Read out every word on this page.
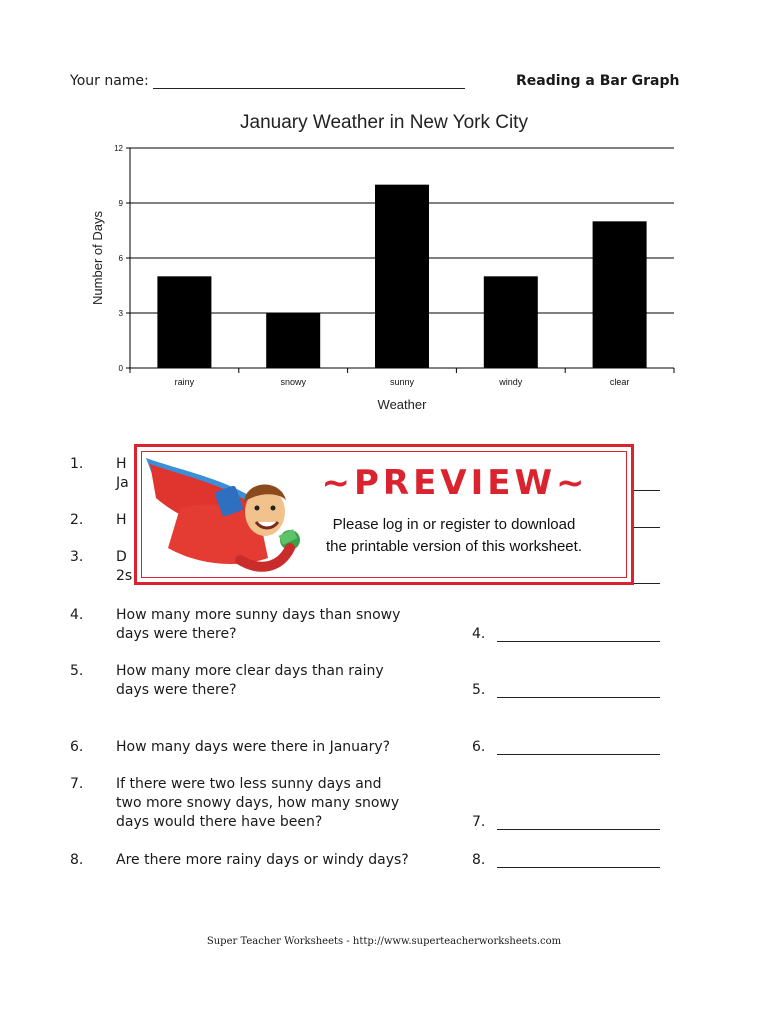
Your name:	Reading a Bar Graph
January Weather in New York City
0
3
6
9
12
rainy	snowy	sunny	windy	clear
Weather
Number of Days
1.	H
Ja
2.	H
3.	D
2s
4.	How many more sunny days than snowy
days were there?	4.
5.	How many more clear days than rainy
days were there?	5.
6.	How many days were there in January?	6.
7.	If there were two less sunny days and
two more snowy days, how many snowy
days would there have been?	7.
8.	Are there more rainy days or windy days?	8.
~PREVIEW~
Please log in or register to download
the printable version of this worksheet.
Super Teacher Worksheets - http://www.superteacherworksheets.com
